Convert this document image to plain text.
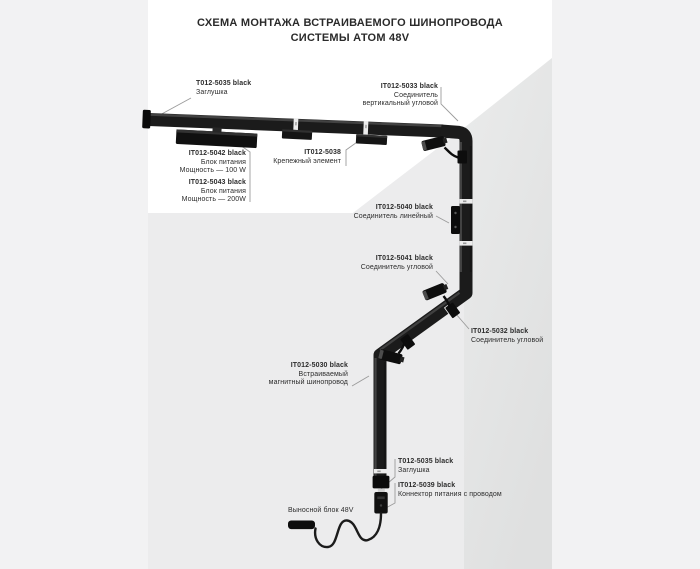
СХЕМА МОНТАЖА ВСТРАИВАЕМОГО ШИНОПРОВОДА
СИСТЕМЫ АТОМ 48V
T012-5035 black
Заглушка
IT012-5033 black
Соединитель
вертикальный угловой
IT012-5042 black
Блок питания
Мощность — 100 W
IT012-5043 black
Блок питания
Мощность — 200W
IT012-5038
Крепежный элемент
IT012-5040 black
Соединитель линейный
IT012-5041 black
Соединитель угловой
IT012-5032 black
Соединитель угловой
IT012-5030 black
Встраиваемый
магнитный шинопровод
T012-5035 black
Заглушка
IT012-5039 black
Коннектор питания с проводом
Выносной блок 48V
